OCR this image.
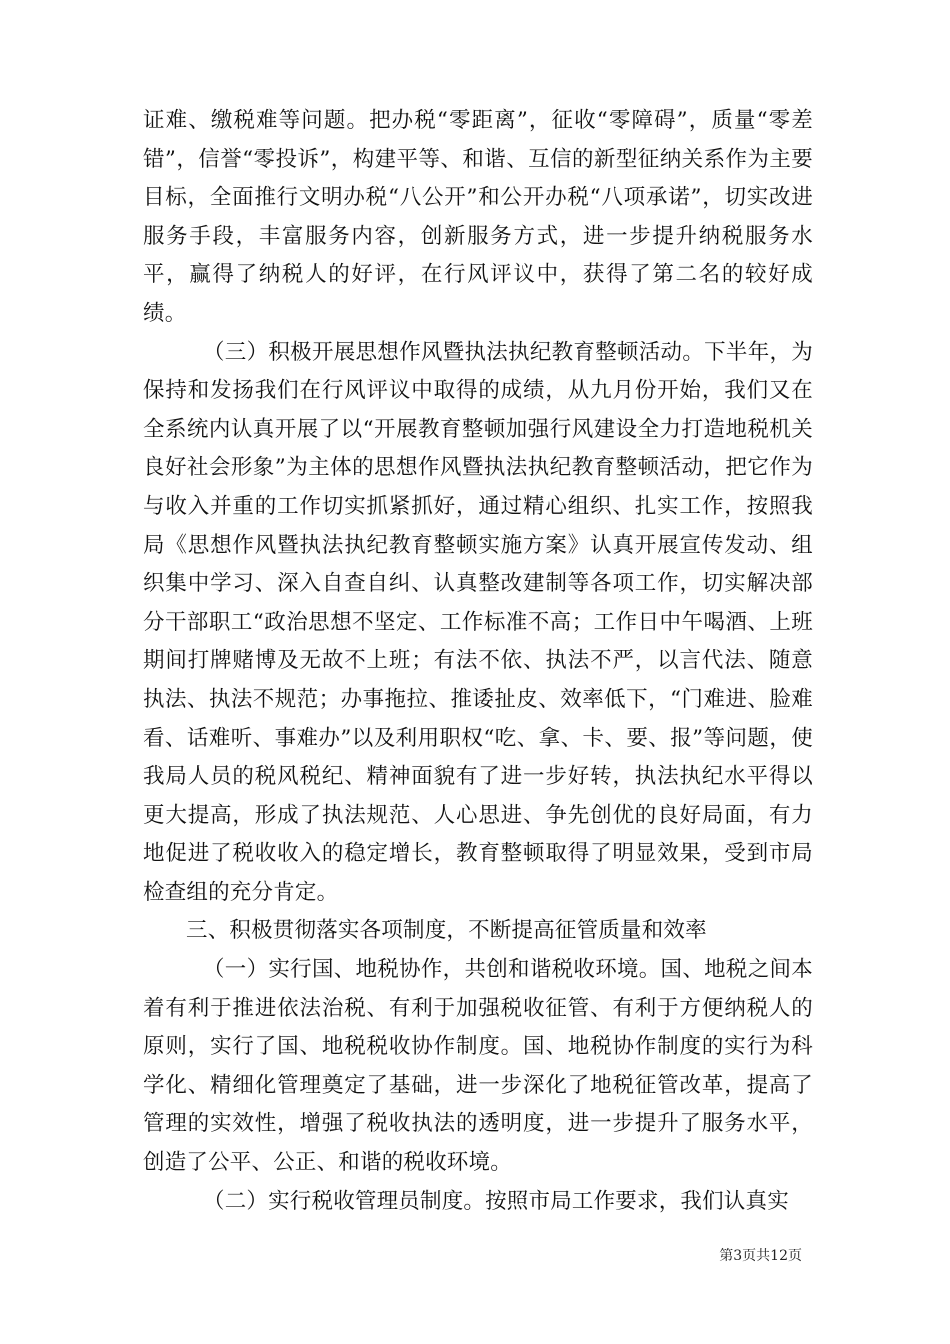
证难、缴税难等问题。把办税“零距离”，征收“零障碍”，质量“零差错”，信誉“零投诉”，构建平等、和谐、互信的新型征纳关系作为主要目标，全面推行文明办税“八公开”和公开办税“八项承诺”，切实改进服务手段，丰富服务内容，创新服务方式，进一步提升纳税服务水平，赢得了纳税人的好评，在行风评议中，获得了第二名的较好成绩。

（三）积极开展思想作风暨执法执纪教育整顿活动。下半年，为保持和发扬我们在行风评议中取得的成绩，从九月份开始，我们又在全系统内认真开展了以“开展教育整顿加强行风建设全力打造地税机关良好社会形象”为主体的思想作风暨执法执纪教育整顿活动，把它作为与收入并重的工作切实抓紧抓好，通过精心组织、扎实工作，按照我局《思想作风暨执法执纪教育整顿实施方案》认真开展宣传发动、组织集中学习、深入自查自纠、认真整改建制等各项工作，切实解决部分干部职工“政治思想不坚定、工作标准不高；工作日中午喝酒、上班期间打牌赌博及无故不上班；有法不依、执法不严，以言代法、随意执法、执法不规范；办事拖拉、推诿扯皮、效率低下，“门难进、脸难看、话难听、事难办”以及利用职权“吃、拿、卡、要、报”等问题，使我局人员的税风税纪、精神面貌有了进一步好转，执法执纪水平得以更大提高，形成了执法规范、人心思进、争先创优的良好局面，有力地促进了税收收入的稳定增长，教育整顿取得了明显效果，受到市局检查组的充分肯定。

三、积极贯彻落实各项制度，不断提高征管质量和效率

（一）实行国、地税协作，共创和谐税收环境。国、地税之间本着有利于推进依法治税、有利于加强税收征管、有利于方便纳税人的原则，实行了国、地税税收协作制度。国、地税协作制度的实行为科学化、精细化管理奠定了基础，进一步深化了地税征管改革，提高了管理的实效性，增强了税收执法的透明度，进一步提升了服务水平，创造了公平、公正、和谐的税收环境。

（二）实行税收管理员制度。按照市局工作要求，我们认真实

第3页共12页
